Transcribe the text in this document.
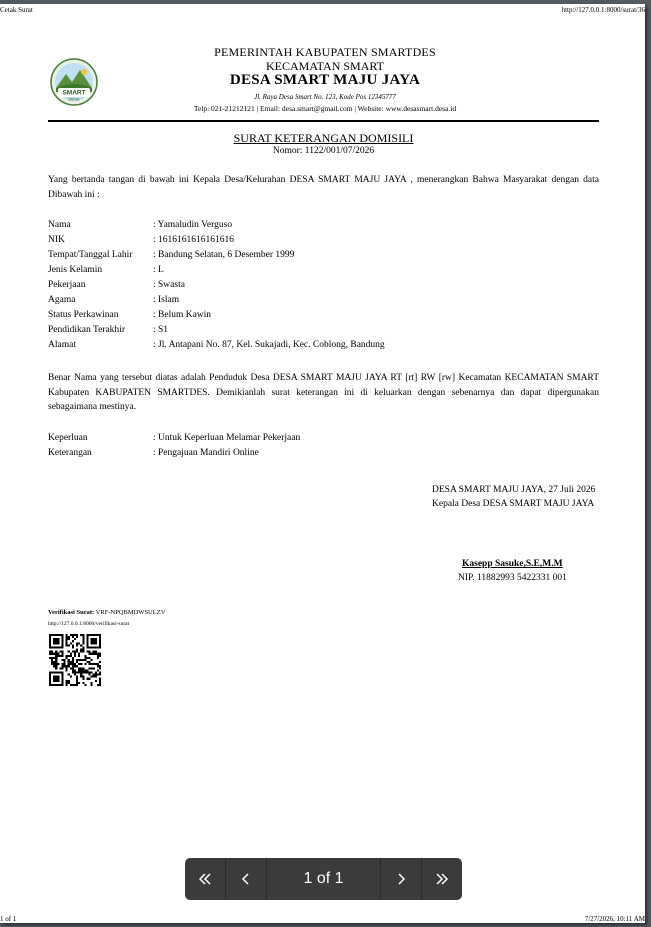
Cetak Surat	http://127.0.0.1:8000/surat/36
SMART
DESA
PEMERINTAH KABUPATEN SMARTDES
KECAMATAN SMART
DESA SMART MAJU JAYA
Jl. Raya Desa Smart No. 123, Kode Pos 12345777
Telp: 021-21212121 | Email: desa.smart@gmail.com | Website: www.desasmart.desa.id
SURAT KETERANGAN DOMISILI
Nomor: 1122/001/07/2026
Yang bertanda tangan di bawah ini Kepala Desa/Kelurahan DESA SMART MAJU JAYA , menerangkan Bahwa Masyarakat dengan data Dibawah ini :
Nama	: Yamaludin Verguso
NIK	: 1616161616161616
Tempat/Tanggal Lahir : Bandung Selatan, 6 Desember 1999
Jenis Kelamin	: L
Pekerjaan	: Swasta
Agama	: Islam
Status Perkawinan	: Belum Kawin
Pendidikan Terakhir	: S1
Alamat	: Jl. Antapani No. 87, Kel. Sukajadi, Kec. Coblong, Bandung
Benar Nama yang tersebut diatas adalah Penduduk Desa DESA SMART MAJU JAYA RT [rt] RW [rw] Kecamatan KECAMATAN SMART Kabupaten KABUPATEN SMARTDES. Demikianlah surat keterangan ini di keluarkan dengan sebenarnya dan dapat dipergunakan sebagaimana mestinya.
Keperluan	: Untuk Keperluan Melamar Pekerjaan
Keterangan	: Pengajuan Mandiri Online
DESA SMART MAJU JAYA, 27 Juli 2026
Kepala Desa DESA SMART MAJU JAYA
Kasepp Sasuke,S.E,M.M
NIP. 11882993 5422331 001
Verifikasi Surat: VRF-NPQBMDWSULZV
http://127.0.0.1:8000/verifikasi-surat
1 of 1	7/27/2026, 10:11 AM
1 of 1
